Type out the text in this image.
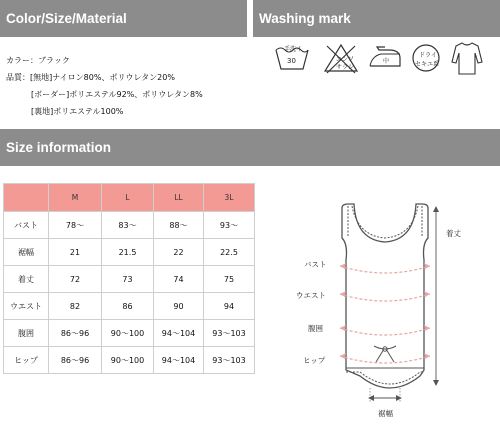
Color/Size/Material	Washing mark
Size information
カラー：ブラック
品質：[無地]ナイロン80%、ポリウレタン20%
[ボーダー]ポリエステル92%、ポリウレタン8%
[裏地]ポリエステル100%
手洗イ
30	エンソ
サラシ
中
ドライ
セキユ系
	M	L	LL	3L
バスト	78～	83～	88～	93～
裾幅	21	21.5	22	22.5
着丈	72	73	74	75
ウエスト	82	86	90	94
腹囲	86～96	90～100	94～104	93～103
ヒップ	86～96	90～100	94～104	93～103
バスト
ウエスト
腹囲
ヒップ
着丈
裾幅
